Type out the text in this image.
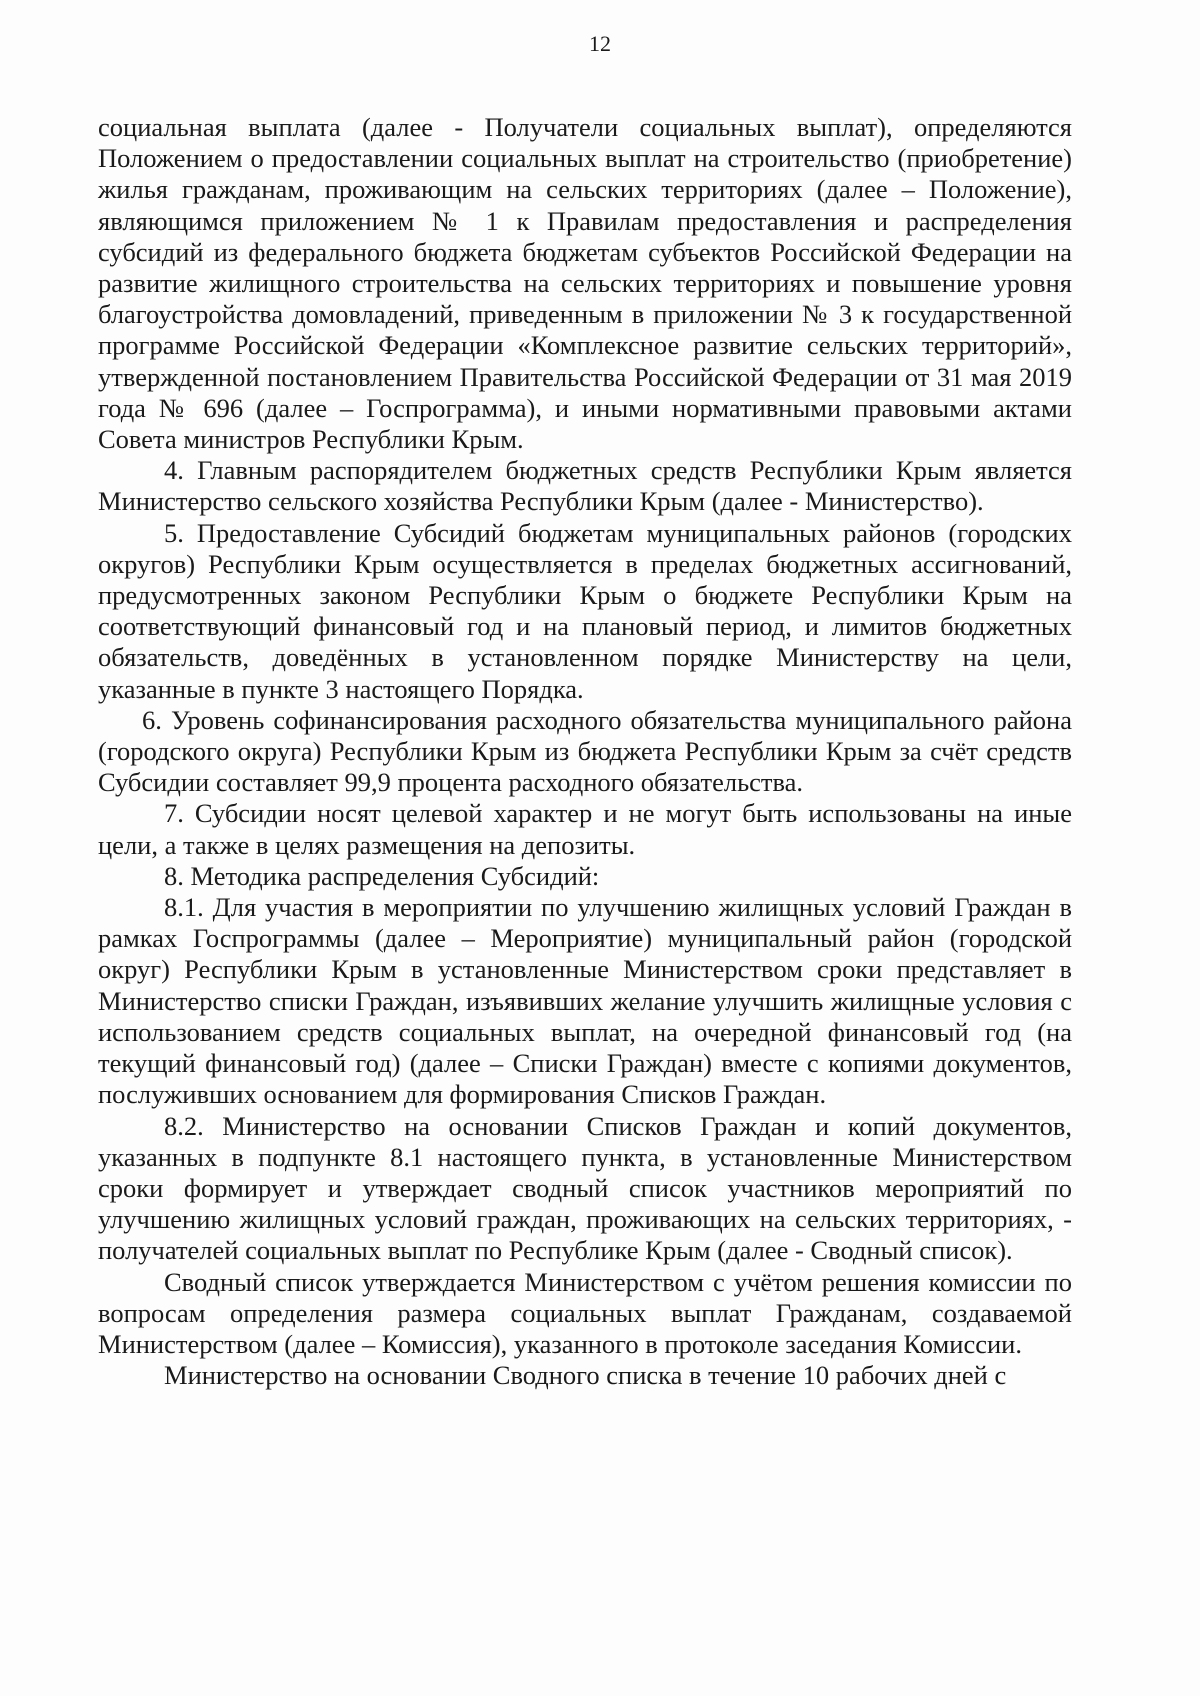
12

социальная выплата (далее - Получатели социальных выплат), определяются Положением о предоставлении социальных выплат на строительство (приобретение) жилья гражданам, проживающим на сельских территориях (далее – Положение), являющимся приложением № 1 к Правилам предоставления и распределения субсидий из федерального бюджета бюджетам субъектов Российской Федерации на развитие жилищного строительства на сельских территориях и повышение уровня благоустройства домовладений, приведенным в приложении № 3 к государственной программе Российской Федерации «Комплексное развитие сельских территорий», утвержденной постановлением Правительства Российской Федерации от 31 мая 2019 года № 696 (далее – Госпрограмма), и иными нормативными правовыми актами Совета министров Республики Крым.

4. Главным распорядителем бюджетных средств Республики Крым является Министерство сельского хозяйства Республики Крым (далее - Министерство).

5. Предоставление Субсидий бюджетам муниципальных районов (городских округов) Республики Крым осуществляется в пределах бюджетных ассигнований, предусмотренных законом Республики Крым о бюджете Республики Крым на соответствующий финансовый год и на плановый период, и лимитов бюджетных обязательств, доведённых в установленном порядке Министерству на цели, указанные в пункте 3 настоящего Порядка.

6. Уровень софинансирования расходного обязательства муниципального района (городского округа) Республики Крым из бюджета Республики Крым за счёт средств Субсидии составляет 99,9 процента расходного обязательства.

7. Субсидии носят целевой характер и не могут быть использованы на иные цели, а также в целях размещения на депозиты.

8. Методика распределения Субсидий:

8.1. Для участия в мероприятии по улучшению жилищных условий Граждан в рамках Госпрограммы (далее – Мероприятие) муниципальный район (городской округ) Республики Крым в установленные Министерством сроки представляет в Министерство списки Граждан, изъявивших желание улучшить жилищные условия с использованием средств социальных выплат, на очередной финансовый год (на текущий финансовый год) (далее – Списки Граждан) вместе с копиями документов, послуживших основанием для формирования Списков Граждан.

8.2. Министерство на основании Списков Граждан и копий документов, указанных в подпункте 8.1 настоящего пункта, в установленные Министерством сроки формирует и утверждает сводный список участников мероприятий по улучшению жилищных условий граждан, проживающих на сельских территориях, - получателей социальных выплат по Республике Крым (далее - Сводный список).

Сводный список утверждается Министерством с учётом решения комиссии по вопросам определения размера социальных выплат Гражданам, создаваемой Министерством (далее – Комиссия), указанного в протоколе заседания Комиссии.

Министерство на основании Сводного списка в течение 10 рабочих дней с
